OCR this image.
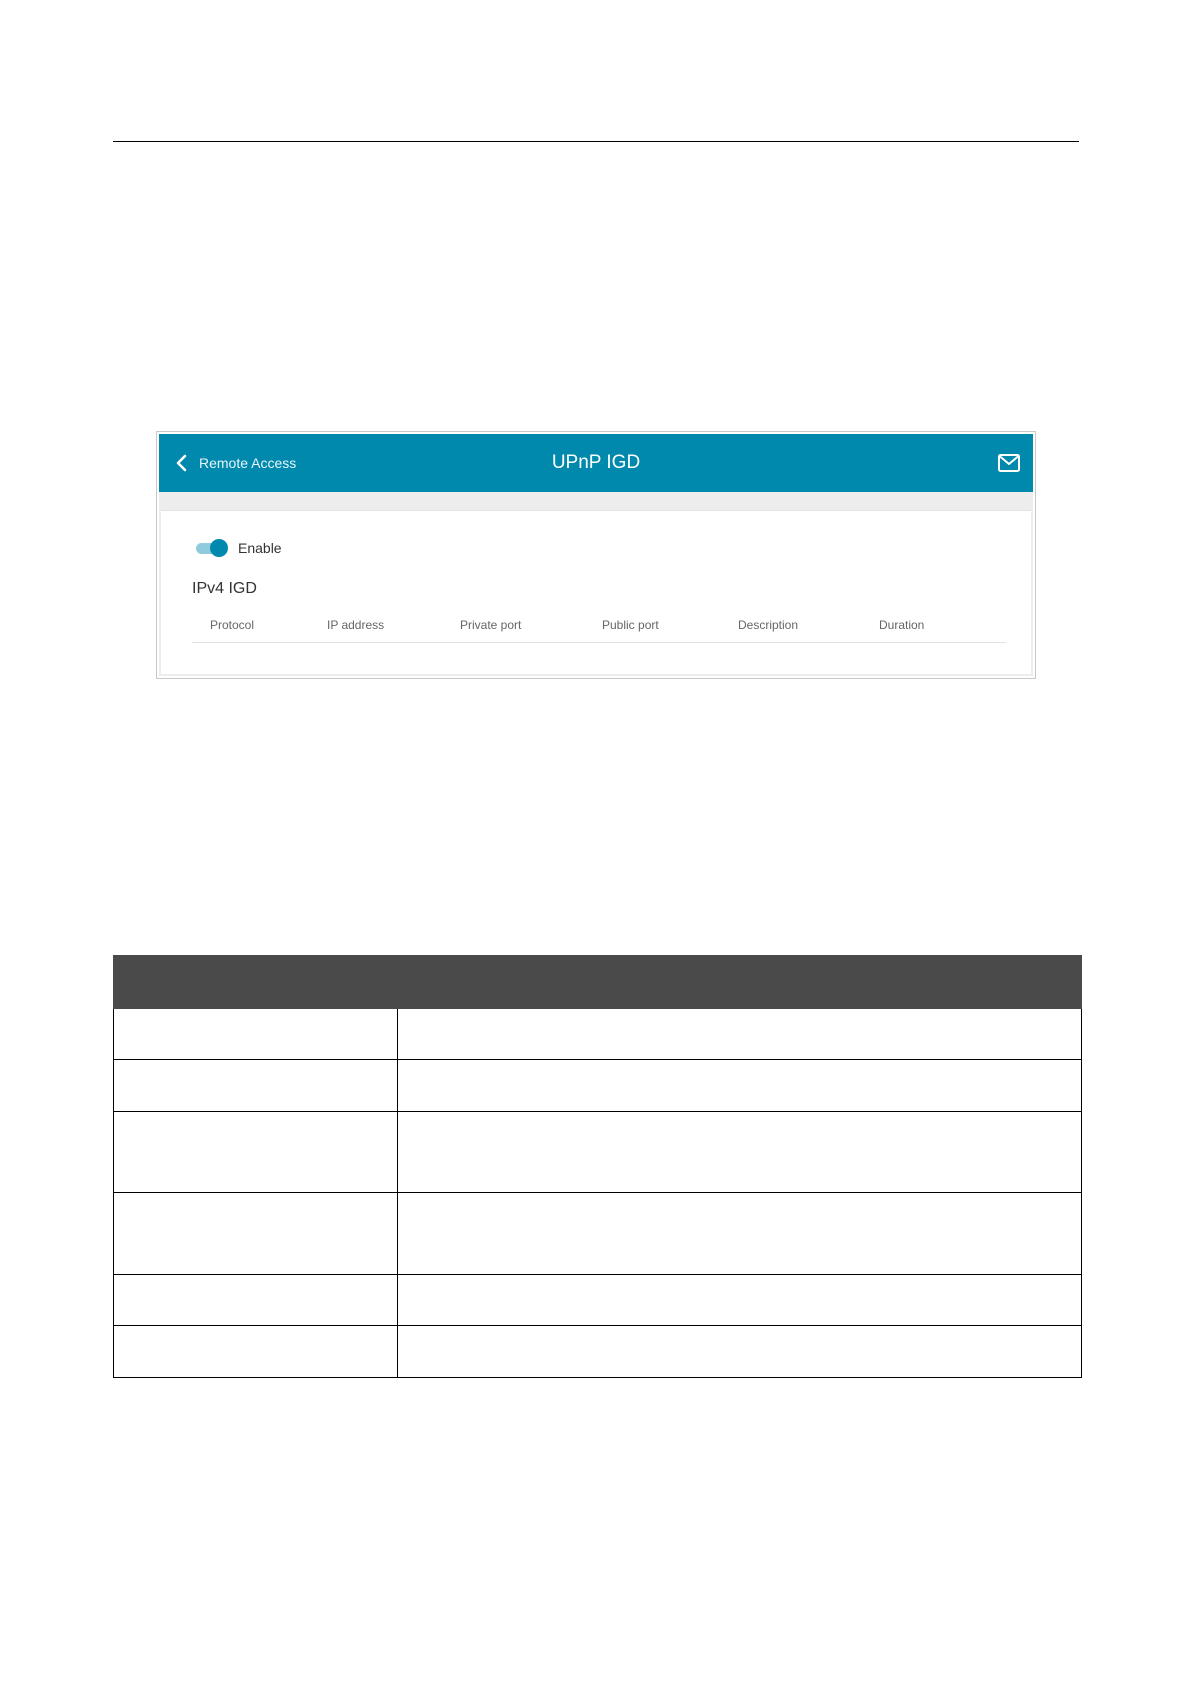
Remote Access	UPnP IGD
Enable
IPv4 IGD
Protocol	IP address	Private port	Public port	Description	Duration
